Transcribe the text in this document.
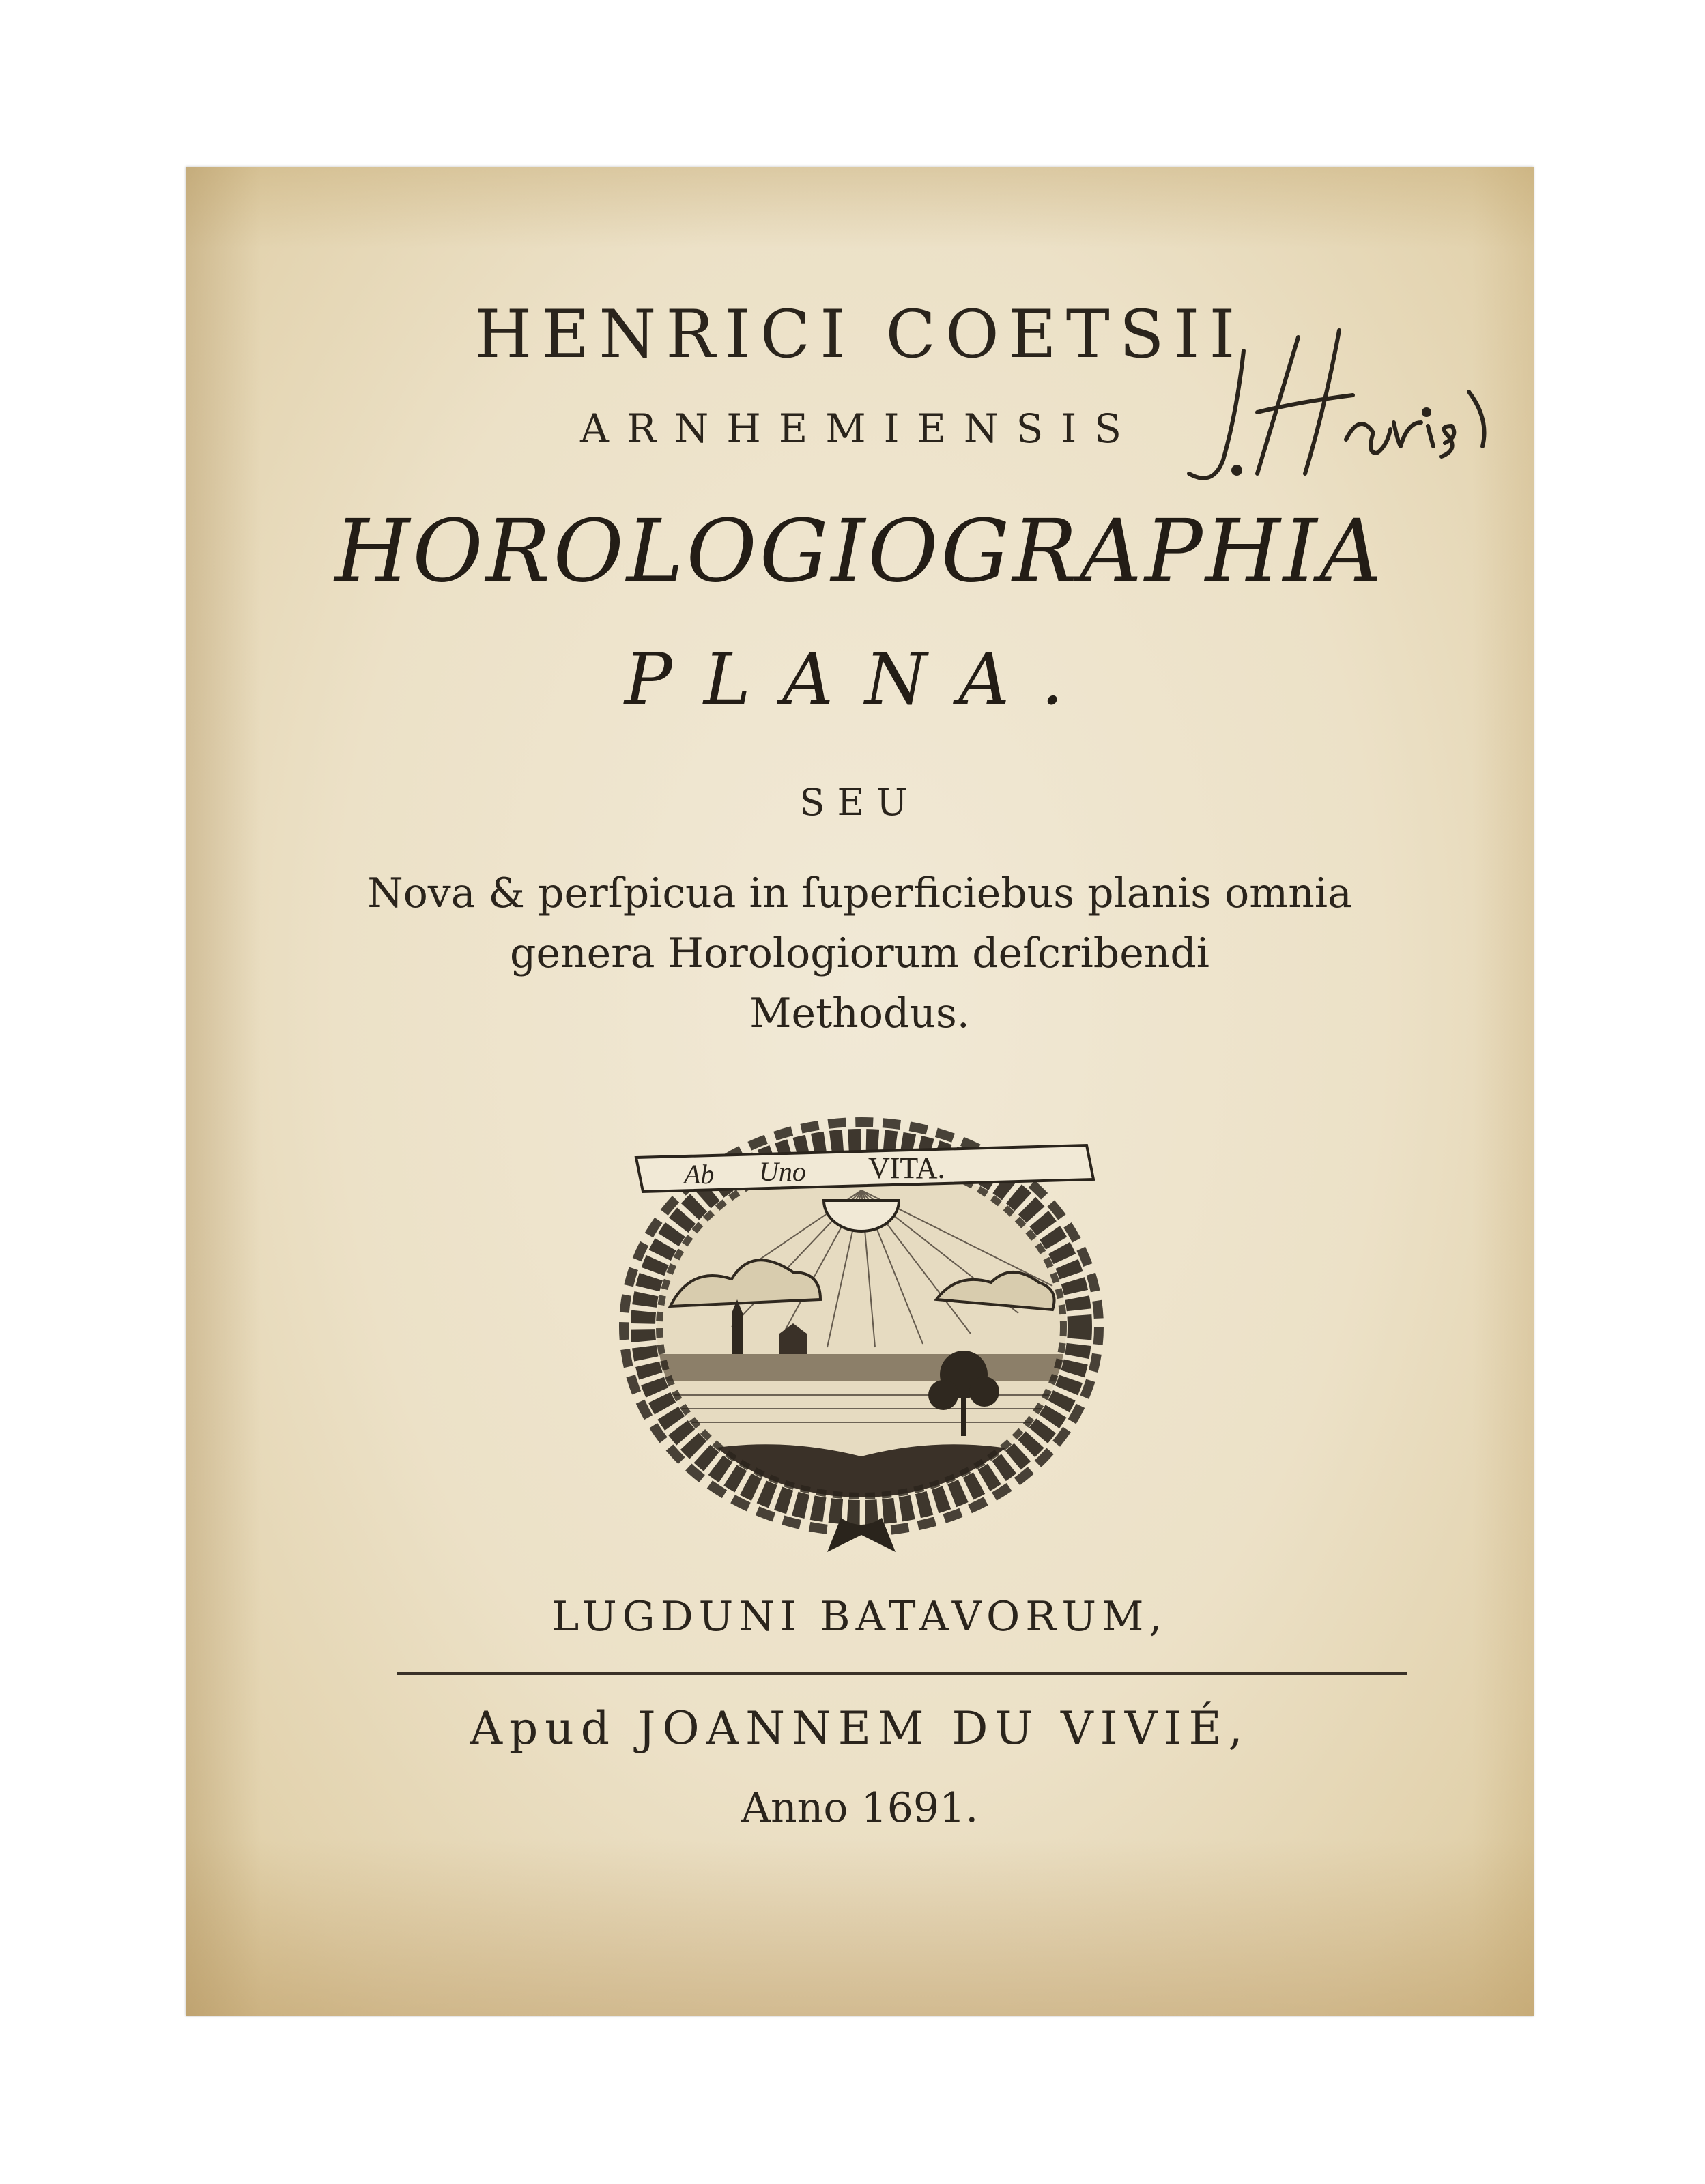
HENRICI COETSII
ARNHEMIENSIS
HOROLOGIOGRAPHIA
PLANA.
SEU
Nova & perſpicua in ſuperficiebus planis omnia
genera Horologiorum deſcribendi
Methodus.
Ab Uno VITA.
LUGDUNI BATAVORUM,
Apud JOANNEM DU VIVIÉ,
Anno 1691.
